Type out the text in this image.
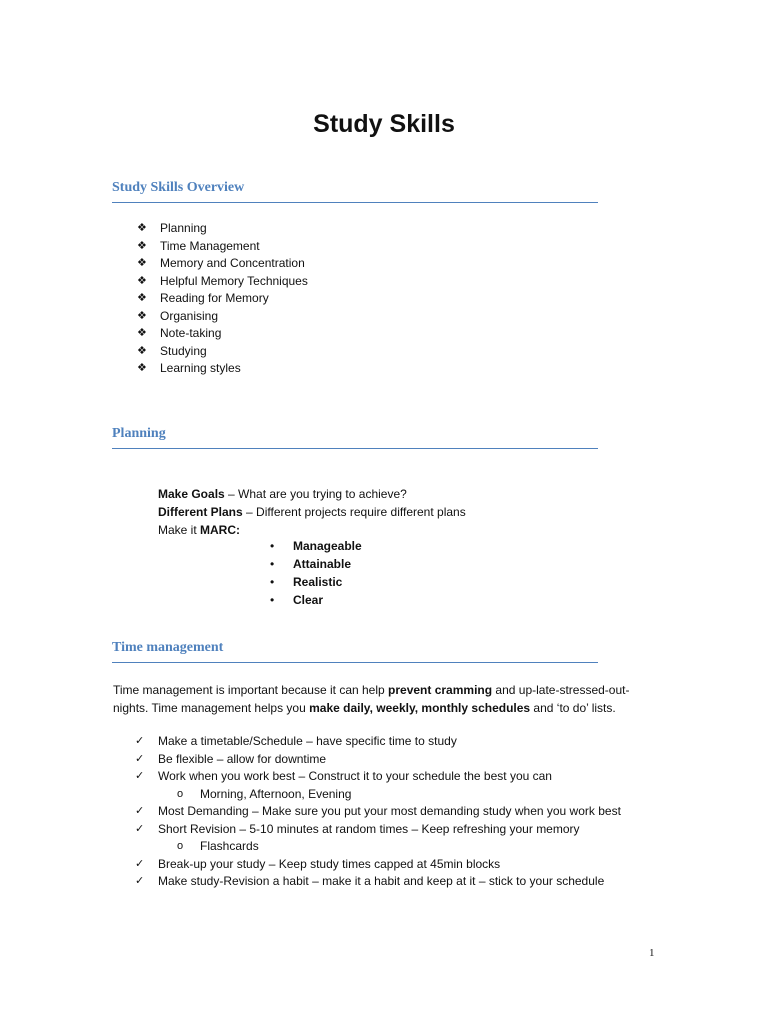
Study Skills
Study Skills Overview
❖	Planning
❖	Time Management
❖	Memory and Concentration
❖	Helpful Memory Techniques
❖	Reading for Memory
❖	Organising
❖	Note-taking
❖	Studying
❖	Learning styles
Planning
Make Goals – What are you trying to achieve?
Different Plans – Different projects require different plans
Make it MARC:
• Manageable
• Attainable
• Realistic
• Clear
Time management
Time management is important because it can help prevent cramming and up-late-stressed-out-nights. Time management helps you make daily, weekly, monthly schedules and ‘to do’ lists.
✓	Make a timetable/Schedule – have specific time to study
✓	Be flexible – allow for downtime
✓	Work when you work best – Construct it to your schedule the best you can
o	Morning, Afternoon, Evening
✓	Most Demanding – Make sure you put your most demanding study when you work best
✓	Short Revision – 5-10 minutes at random times – Keep refreshing your memory
o	Flashcards
✓	Break-up your study – Keep study times capped at 45min blocks
✓	Make study-Revision a habit – make it a habit and keep at it – stick to your schedule
1
